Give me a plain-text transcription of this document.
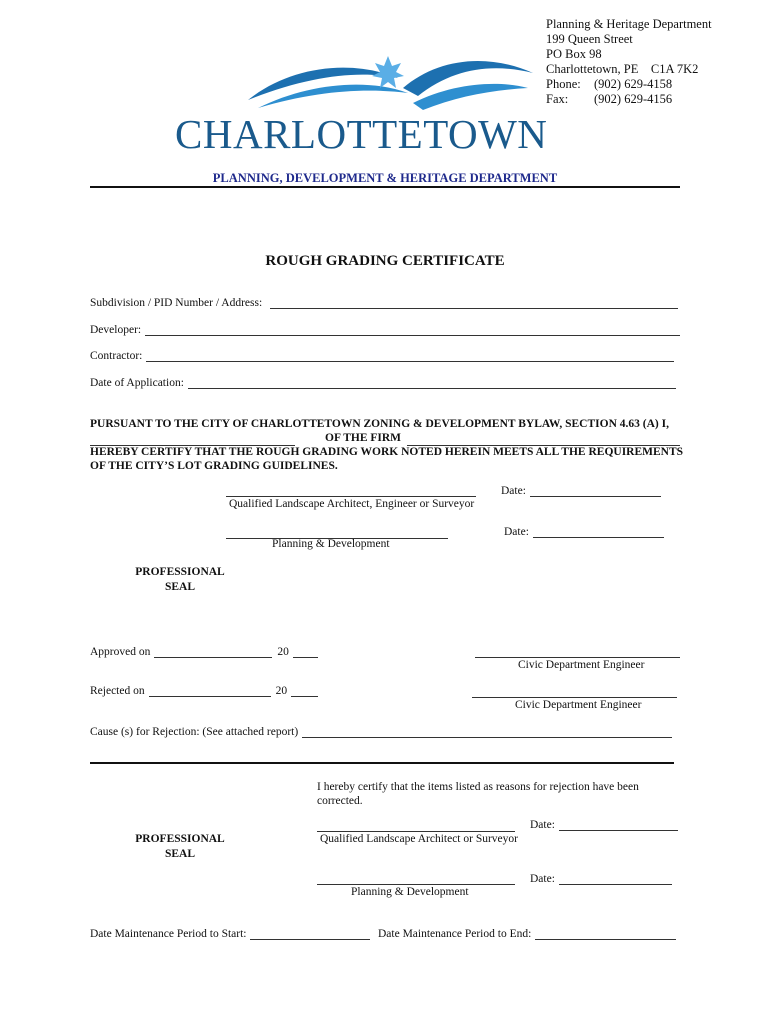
Planning & Heritage Department
199 Queen Street
PO Box 98
Charlottetown, PE    C1A 7K2
Phone: (902) 629-4158
Fax: (902) 629-4156
CHARLOTTETOWN
PLANNING, DEVELOPMENT & HERITAGE DEPARTMENT
ROUGH GRADING CERTIFICATE
Subdivision / PID Number / Address:
Developer:
Contractor:
Date of Application:
PURSUANT TO THE CITY OF CHARLOTTETOWN ZONING & DEVELOPMENT BYLAW, SECTION 4.63 (A) I,
OF THE FIRM
HEREBY CERTIFY THAT THE ROUGH GRADING WORK NOTED HEREIN MEETS ALL THE REQUIREMENTS
OF THE CITY’S LOT GRADING GUIDELINES.
Qualified Landscape Architect, Engineer or Surveyor
Date:
Planning & Development
Date:
PROFESSIONAL
SEAL
Approved on	20
Civic Department Engineer
Rejected on	20
Civic Department Engineer
Cause (s) for Rejection: (See attached report)
I hereby certify that the items listed as reasons for rejection have been
corrected.
Qualified Landscape Architect or Surveyor
Date:
PROFESSIONAL
SEAL
Planning & Development
Date:
Date Maintenance Period to Start:	Date Maintenance Period to End:
